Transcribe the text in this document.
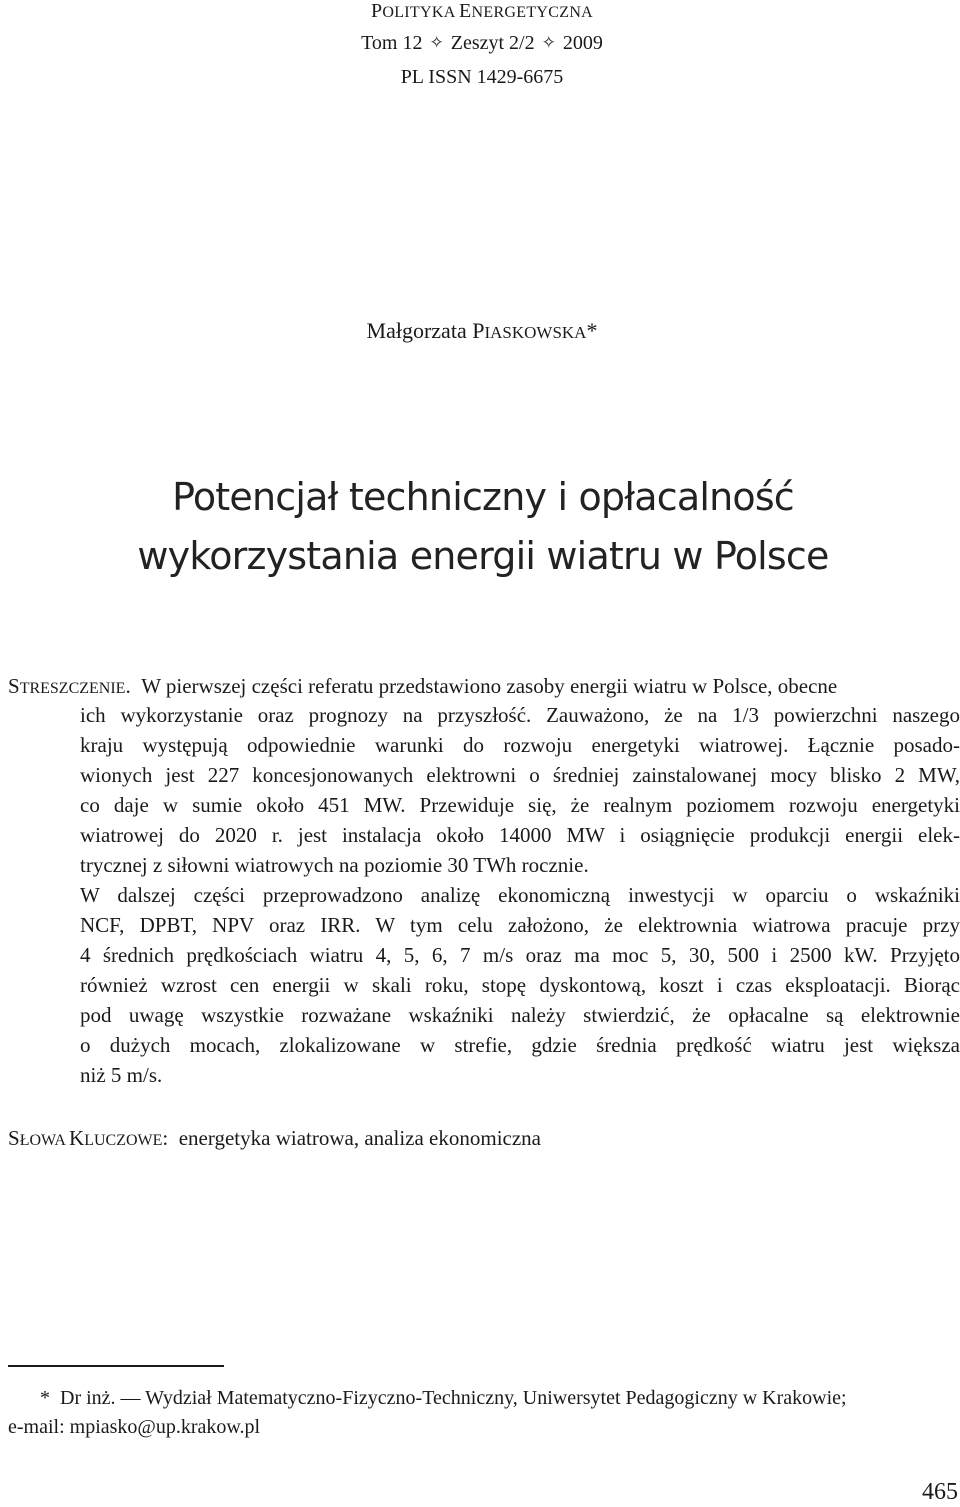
POLITYKA ENERGETYCZNA
Tom 12 ✧ Zeszyt 2/2 ✧ 2009
PL ISSN 1429-6675
Małgorzata PIASKOWSKA*
Potencjał techniczny i opłacalność
wykorzystania energii wiatru w Polsce
STRESZCZENIE. W pierwszej części referatu przedstawiono zasoby energii wiatru w Polsce, obecne
ich wykorzystanie oraz prognozy na przyszłość. Zauważono, że na 1/3 powierzchni naszego
kraju występują odpowiednie warunki do rozwoju energetyki wiatrowej. Łącznie posado-
wionych jest 227 koncesjonowanych elektrowni o średniej zainstalowanej mocy blisko 2 MW,
co daje w sumie około 451 MW. Przewiduje się, że realnym poziomem rozwoju energetyki
wiatrowej do 2020 r. jest instalacja około 14000 MW i osiągnięcie produkcji energii elek-
trycznej z siłowni wiatrowych na poziomie 30 TWh rocznie.
W dalszej części przeprowadzono analizę ekonomiczną inwestycji w oparciu o wskaźniki
NCF, DPBT, NPV oraz IRR. W tym celu założono, że elektrownia wiatrowa pracuje przy
4 średnich prędkościach wiatru 4, 5, 6, 7 m/s oraz ma moc 5, 30, 500 i 2500 kW. Przyjęto
również wzrost cen energii w skali roku, stopę dyskontową, koszt i czas eksploatacji. Biorąc
pod uwagę wszystkie rozważane wskaźniki należy stwierdzić, że opłacalne są elektrownie
o dużych mocach, zlokalizowane w strefie, gdzie średnia prędkość wiatru jest większa
niż 5 m/s.
SŁOWA KLUCZOWE: energetyka wiatrowa, analiza ekonomiczna
* Dr inż. — Wydział Matematyczno-Fizyczno-Techniczny, Uniwersytet Pedagogiczny w Krakowie;
e-mail: mpiasko@up.krakow.pl
465
